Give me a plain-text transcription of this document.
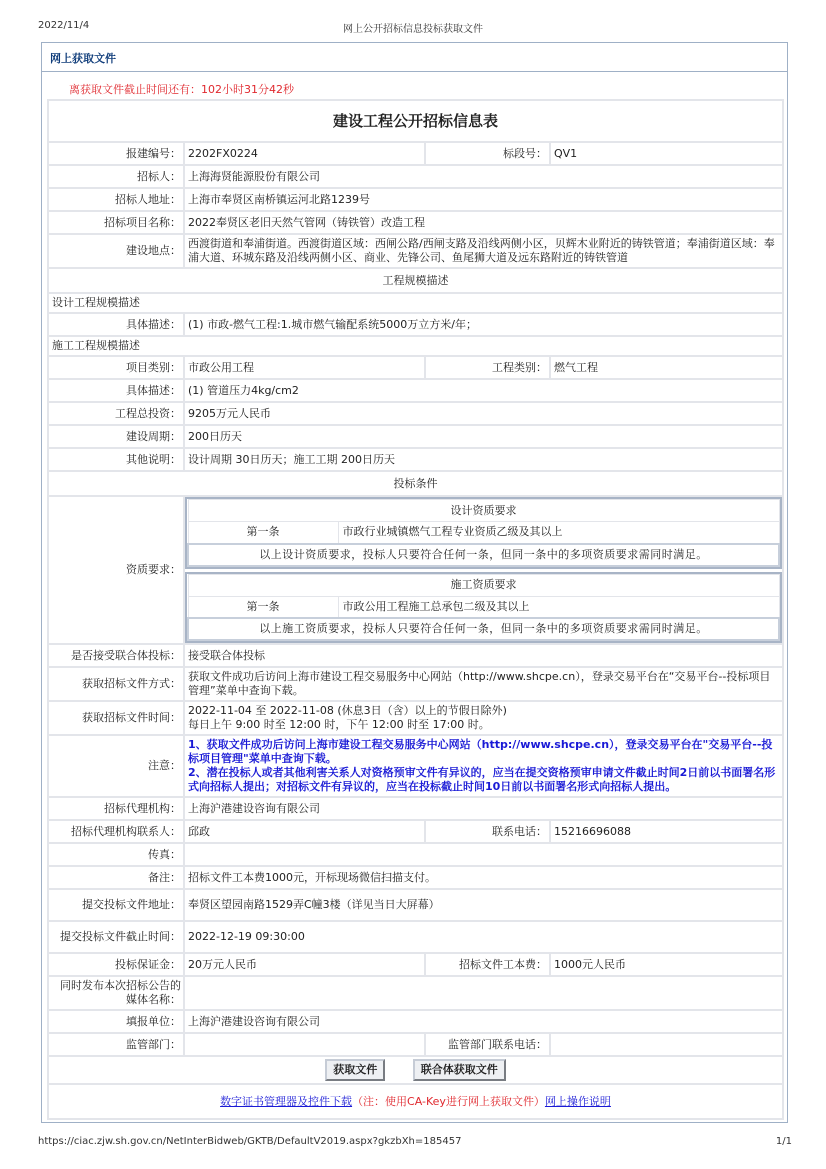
2022/11/4	网上公开招标信息投标获取文件
网上获取文件
离获取文件截止时间还有：102小时31分42秒
建设工程公开招标信息表
报建编号：	2202FX0224	标段号：	QV1
招标人：	上海海贤能源股份有限公司
招标人地址：	上海市奉贤区南桥镇运河北路1239号
招标项目名称：	2022奉贤区老旧天然气管网（铸铁管）改造工程
建设地点：	西渡街道和奉浦街道。西渡街道区域：西闸公路/西闸支路及沿线两侧小区，贝辉木业附近的铸铁管道；奉浦街道区域：奉浦大道、环城东路及沿线两侧小区、商业、先锋公司、鱼尾狮大道及远东路附近的铸铁管道
工程规模描述
设计工程规模描述
具体描述：	(1) 市政-燃气工程:1.城市燃气输配系统5000万立方米/年；
施工工程规模描述
项目类别：	市政公用工程	工程类别：	燃气工程
具体描述：	(1) 管道压力4kg/cm2
工程总投资：	9205万元人民币
建设周期：	200日历天
其他说明：	设计周期 30日历天；施工工期 200日历天
投标条件
资质要求：	
设计资质要求
第一条	市政行业城镇燃气工程专业资质乙级及其以上
以上设计资质要求，投标人只要符合任何一条，但同一条中的多项资质要求需同时满足。
施工资质要求
第一条	市政公用工程施工总承包二级及其以上
以上施工资质要求，投标人只要符合任何一条，但同一条中的多项资质要求需同时满足。

是否接受联合体投标：	接受联合体投标
获取招标文件方式：	获取文件成功后访问上海市建设工程交易服务中心网站（http://www.shcpe.cn），登录交易平台在“交易平台--投标项目管理”菜单中查询下载。
获取招标文件时间：	
2022-11-04 至 2022-11-08 (休息3日（含）以上的节假日除外)
每日上午 9:00 时至 12:00 时，下午 12:00 时至 17:00 时。

注意：	
1、获取文件成功后访问上海市建设工程交易服务中心网站（http://www.shcpe.cn），登录交易平台在"交易平台--投标项目管理"菜单中查询下载。
2、潜在投标人或者其他利害关系人对资格预审文件有异议的，应当在提交资格预审申请文件截止时间2日前以书面署名形式向招标人提出；对招标文件有异议的，应当在投标截止时间10日前以书面署名形式向招标人提出。

招标代理机构：	上海沪港建设咨询有限公司
招标代理机构联系人：	邱政	联系电话：	15216696088
传真：	
备注：	招标文件工本费1000元，开标现场微信扫描支付。
提交投标文件地址：	奉贤区望园南路1529弄C幢3楼（详见当日大屏幕）
提交投标文件截止时间：	2022-12-19 09:30:00
投标保证金：	20万元人民币	招标文件工本费：	1000元人民币
同时发布本次招标公告的媒体名称：	
填报单位：	上海沪港建设咨询有限公司
监管部门：		监管部门联系电话：	
获取文件	联合体获取文件
数字证书管理器及控件下载（注：使用CA-Key进行网上获取文件）网上操作说明
https://ciac.zjw.sh.gov.cn/NetInterBidweb/GKTB/DefaultV2019.aspx?gkzbXh=185457	1/1
